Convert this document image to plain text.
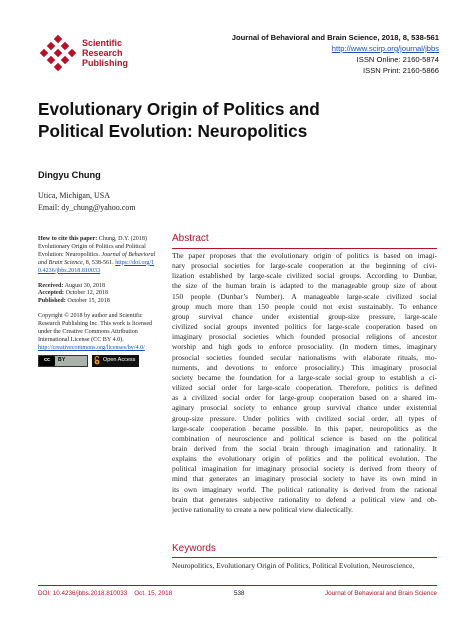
Scientific
Research
Publishing
Journal of Behavioral and Brain Science, 2018, 8, 538-561
http://www.scirp.org/journal/jbbs
ISSN Online: 2160-5874
ISSN Print: 2160-5866
Evolutionary Origin of Politics and
Political Evolution: Neuropolitics
Dingyu Chung
Utica, Michigan, USA
Email: dy_chung@yahoo.com

How to cite this paper: Chung, D.Y. (2018) Evolutionary Origin of Politics and Political Evolution: Neuropolitics. Journal of Behavioral and Brain Science, 8, 538-561. https://doi.org/10.4236/jbbs.2018.810033

Received: August 30, 2018
Accepted: October 12, 2018
Published: October 15, 2018

Copyright © 2018 by author and Scientific Research Publishing Inc. This work is licensed under the Creative Commons Attribution International License (CC BY 4.0).
http://creativecommons.org/licenses/by/4.0/

cc	BY	Open Access
Abstract
The paper proposes that the evolutionary origin of politics is based on imagi-
nary prosocial societies for large-scale cooperation at the beginning of civi-
lization established by large-scale civilized social groups. According to Dunbar,
the size of the human brain is adapted to the manageable group size of about
150 people (Dunbar’s Number). A manageable large-scale civilized social
group much more than 150 people could not exist sustainably. To enhance
group survival chance under existential group-size pressure, large-scale
civilized social groups invented politics for large-scale cooperation based on
imaginary prosocial societies which founded prosocial religions of ancestor
worship and high gods to enforce prosociality. (In modern times, imaginary
prosocial societies founded secular nationalisms with elaborate rituals, mo-
numents, and devotions to enforce prosociality.) This imaginary prosocial
society became the foundation for a large-scale social group to establish a ci-
vilized social order for large-scale cooperation. Therefore, politics is defined
as a civilized social order for large-group cooperation based on a shared im-
aginary prosocial society to enhance group survival chance under existential
group-size pressure. Under politics with civilized social order, all types of
large-scale cooperation became possible. In this paper, neuropolitics as the
combination of neuroscience and political science is based on the political
brain derived from the social brain through imagination and rationality. It
explains the evolutionary origin of politics and the political evolution. The
political imagination for imaginary prosocial society is derived from theory of
mind that generates an imaginary prosocial society to have its own mind in
its own imaginary world. The political rationality is derived from the rational
brain that generates subjective rationality to defend a political view and ob-
jective rationality to create a new political view dialectically.
Keywords
Neuropolitics, Evolutionary Origin of Politics, Political Evolution, Neuroscience,
DOI: 10.4236/jbbs.2018.810033    Oct. 15, 2018	538	Journal of Behavioral and Brain Science
